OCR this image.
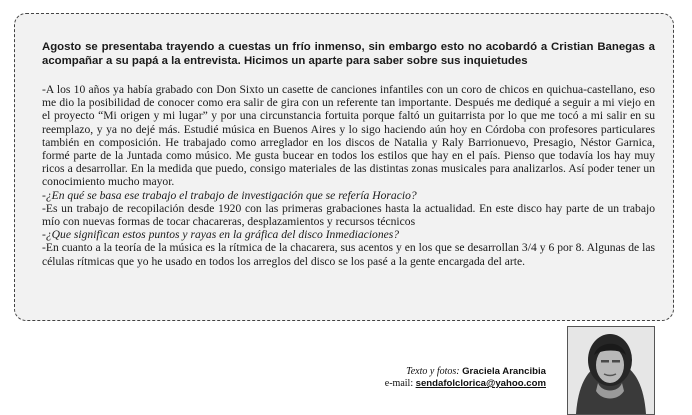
Agosto se presentaba trayendo a cuestas un frío inmenso, sin embargo esto no acobardó a Cristian Banegas a acompañar a su papá a la entrevista. Hicimos un aparte para saber sobre sus inquietudes

-A los 10 años ya había grabado con Don Sixto un casette de canciones infantiles con un coro de chicos en quichua-castellano, eso me dio la posibilidad de conocer como era salir de gira con un referente tan importante. Después me dediqué a seguir a mi viejo en el proyecto “Mi origen y mi lugar” y por una circunstancia fortuita porque faltó un guitarrista por lo que me tocó a mi salir en su reemplazo, y ya no dejé más. Estudié música en Buenos Aires y lo sigo haciendo aún hoy en Córdoba con profesores particulares también en composición. He trabajado como arreglador en los discos de Natalia y Raly Barrionuevo, Presagio, Néstor Garnica, formé parte de la Juntada como músico. Me gusta bucear en todos los estilos que hay en el país. Pienso que todavía los hay muy ricos a desarrollar. En la medida que puedo, consigo materiales de las distintas zonas musicales para analizarlos. Así poder tener un conocimiento mucho mayor.

-¿En qué se basa ese trabajo el trabajo de investigación que se refería Horacio?

-Es un trabajo de recopilación desde 1920 con las primeras grabaciones hasta la actualidad. En este disco hay parte de un trabajo mío con nuevas formas de tocar chacareras, desplazamientos y recursos técnicos

-¿Que significan estos puntos y rayas en la gráfica del disco Inmediaciones?

-En cuanto a la teoría de la música es la rítmica de la chacarera, sus acentos y en los que se desarrollan 3/4 y 6 por 8. Algunas de las células rítmicas que yo he usado en todos los arreglos del disco se los pasé a la gente encargada del arte.

Texto y fotos: Graciela Arancibia
e-mail: sendafolclorica@yahoo.com
